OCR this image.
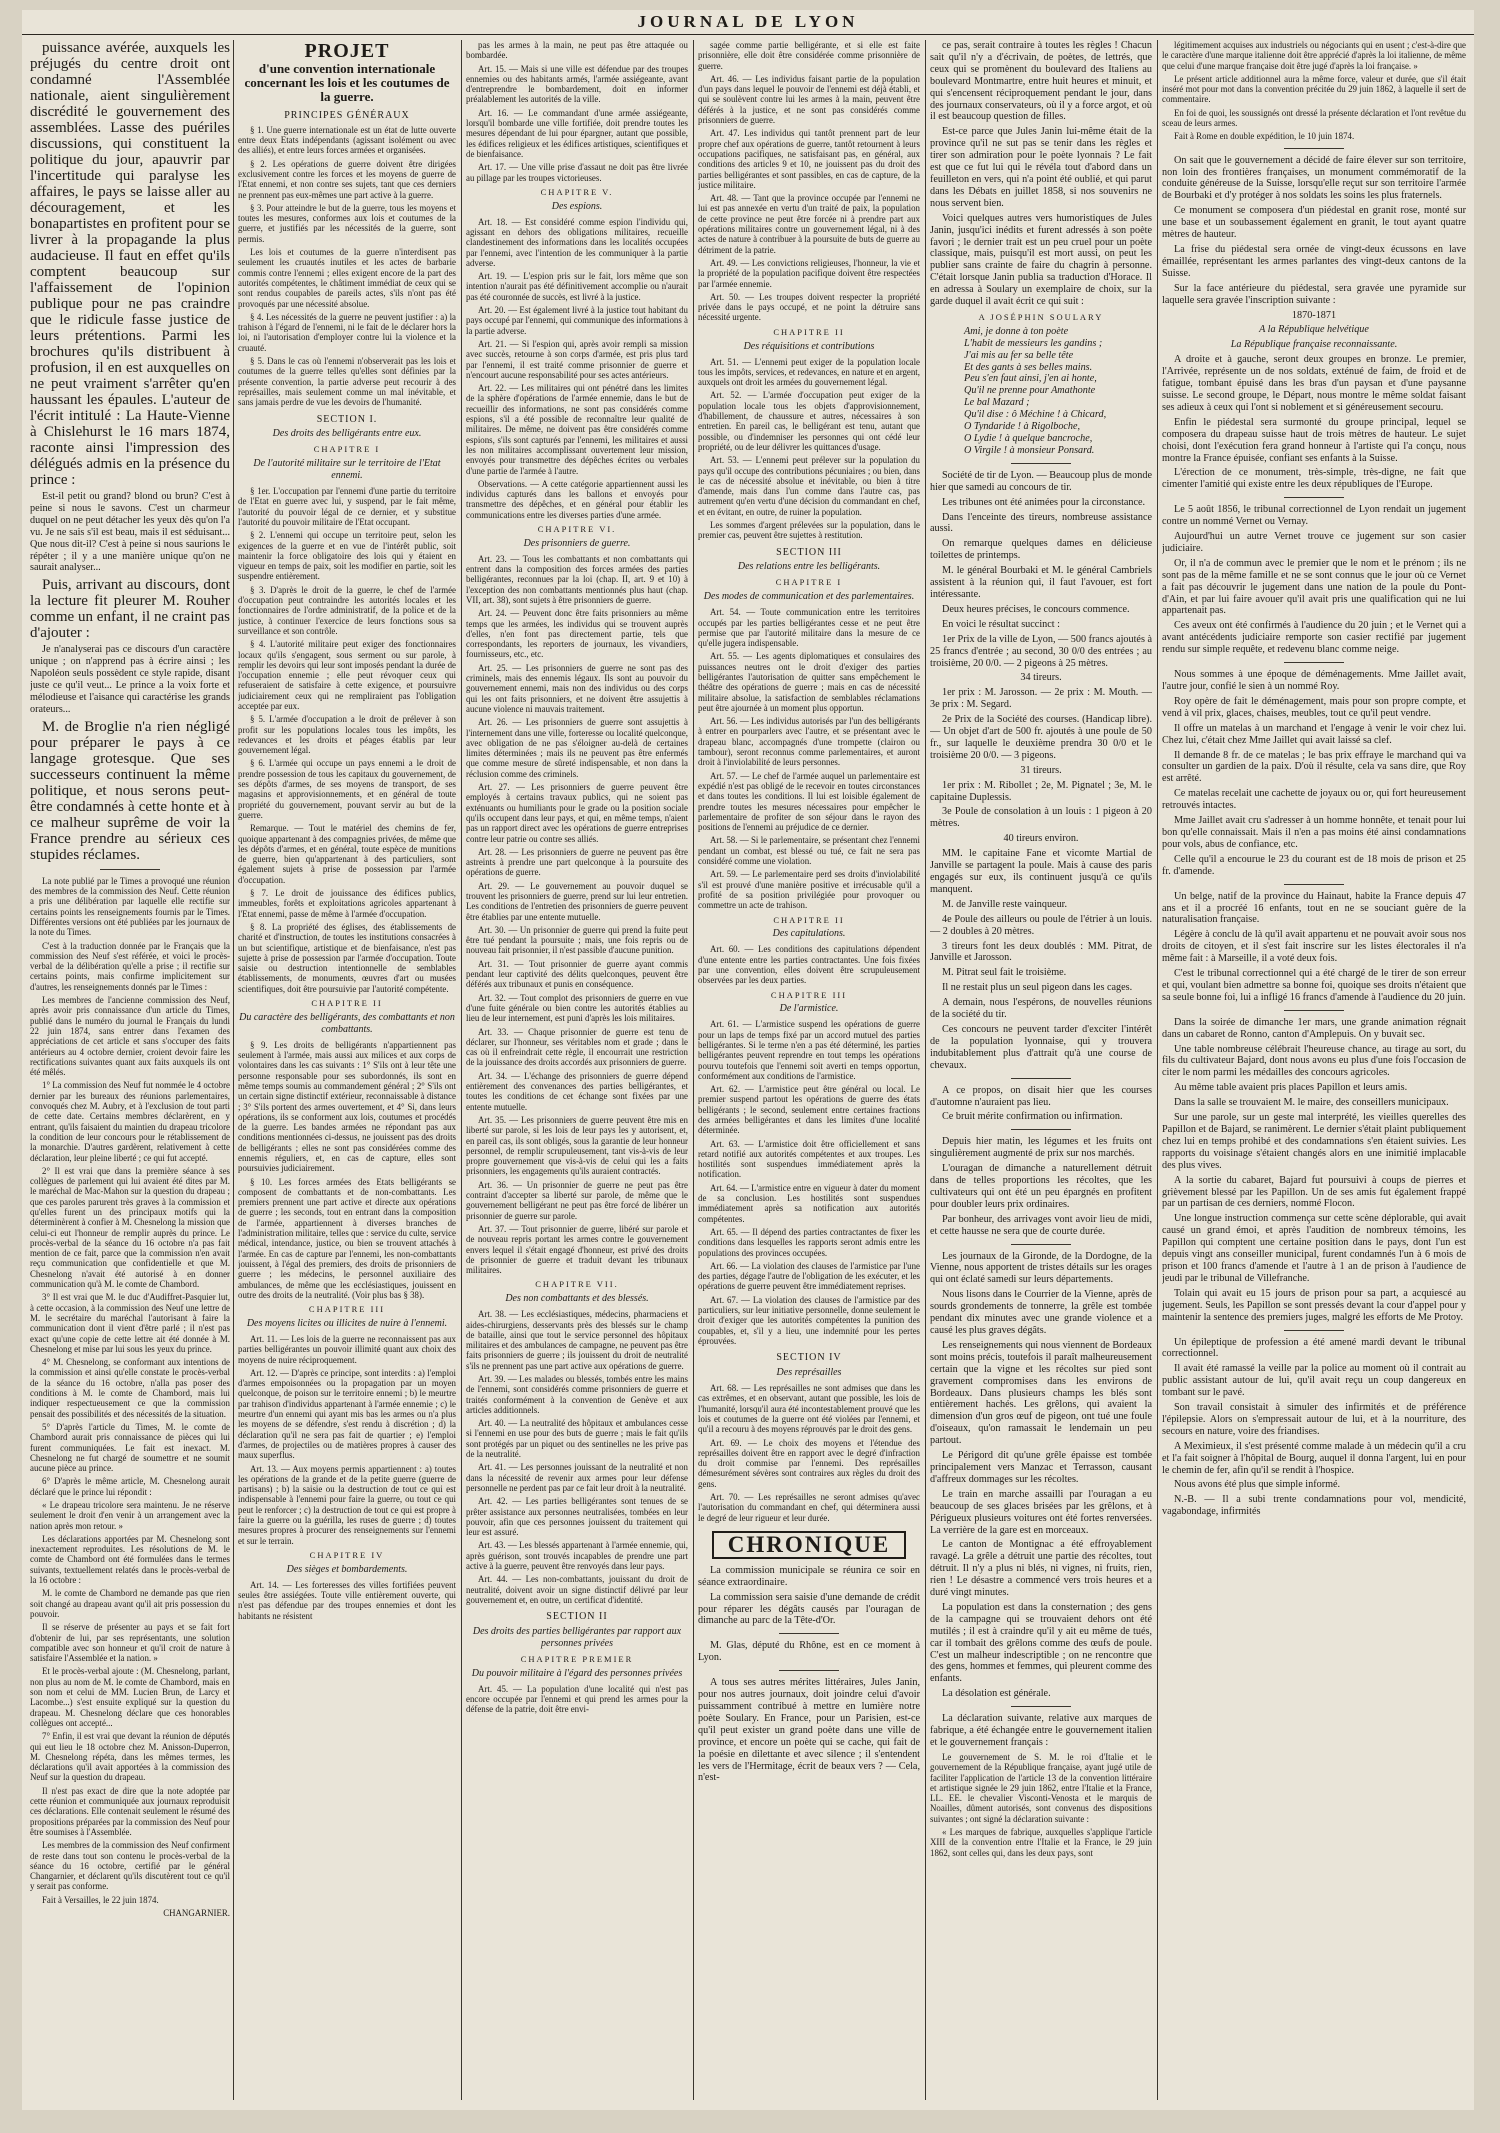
JOURNAL DE LYON

puissance avérée, auxquels les préjugés du centre droit ont condamné l'Assemblée nationale, aient singulièrement discrédité le gouvernement des assemblées. Lasse des puériles discussions, qui constituent la politique du jour, apauvrir par l'incertitude qui paralyse les affaires, le pays se laisse aller au découragement, et les bonapartistes en profitent pour se livrer à la propagande la plus audacieuse. Il faut en effet qu'ils comptent beaucoup sur l'affaissement de l'opinion publique pour ne pas craindre que le ridicule fasse justice de leurs prétentions. Parmi les brochures qu'ils distribuent à profusion, il en est auxquelles on ne peut vraiment s'arrêter qu'en haussant les épaules. L'auteur de l'écrit intitulé : La Haute-Vienne à Chislehurst le 16 mars 1874, raconte ainsi l'impression des délégués admis en la présence du prince :

Est-il petit ou grand? blond ou brun? C'est à peine si nous le savons. C'est un charmeur duquel on ne peut détacher les yeux dès qu'on l'a vu. Je ne sais s'il est beau, mais il est séduisant... Que nous dit-il? C'est à peine si nous saurions le répéter ; il y a une manière unique qu'on ne saurait analyser...

Puis, arrivant au discours, dont la lecture fit pleurer M. Rouher comme un enfant, il ne craint pas d'ajouter :

Je n'analyserai pas ce discours d'un caractère unique ; on n'apprend pas à écrire ainsi ; les Napoléon seuls possèdent ce style rapide, disant juste ce qu'il veut... Le prince a la voix forte et mélodieuse et l'aisance qui caractérise les grands orateurs...

M. de Broglie n'a rien négligé pour préparer le pays à ce langage grotesque. Que ses successeurs continuent la même politique, et nous serons peut-être condamnés à cette honte et à ce malheur suprême de voir la France prendre au sérieux ces stupides réclames.

La note publié par le Times a provoqué une réunion des membres de la commission des Neuf. Cette réunion a pris une délibération par laquelle elle rectifie sur certains points les renseignements fournis par le Times. Différentes versions ont été publiées par les journaux de la note du Times.

C'est à la traduction donnée par le Français que la commission des Neuf s'est référée, et voici le procès-verbal de la délibération qu'elle a prise ; il rectifie sur certains points, mais confirme implicitement sur d'autres, les renseignements donnés par le Times :

Les membres de l'ancienne commission des Neuf, après avoir pris connaissance d'un article du Times, publié dans le numéro du journal le Français du lundi 22 juin 1874, sans entrer dans l'examen des appréciations de cet article et sans s'occuper des faits antérieurs au 4 octobre dernier, croient devoir faire les rectifications suivantes quant aux faits auxquels ils ont été mêlés.

1° La commission des Neuf fut nommée le 4 octobre dernier par les bureaux des réunions parlementaires, convoqués chez M. Aubry, et à l'exclusion de tout parti de cette date. Certains membres déclarèrent, en y entrant, qu'ils faisaient du maintien du drapeau tricolore la condition de leur concours pour le rétablissement de la monarchie. D'autres gardèrent, relativement à cette déclaration, leur pleine liberté ; ce qui fut accepté.

2° Il est vrai que dans la première séance à ses collègues de parlement qui lui avaient été dites par M. le maréchal de Mac-Mahon sur la question du drapeau ; que ces paroles parurent très graves à la commission et qu'elles furent un des principaux motifs qui la déterminèrent à confier à M. Chesnelong la mission que celui-ci eut l'honneur de remplir auprès du prince. Le procès-verbal de la séance du 16 octobre n'a pas fait mention de ce fait, parce que la commission n'en avait reçu communication que confidentielle et que M. Chesnelong n'avait été autorisé à en donner communication qu'à M. le comte de Chambord.

3° Il est vrai que M. le duc d'Audiffret-Pasquier lut, à cette occasion, à la commission des Neuf une lettre de M. le secrétaire du maréchal l'autorisant à faire la communication dont il vient d'être parlé ; il n'est pas exact qu'une copie de cette lettre ait été donnée à M. Chesnelong et mise par lui sous les yeux du prince.

4° M. Chesnelong, se conformant aux intentions de la commission et ainsi qu'elle constate le procès-verbal de la séance du 16 octobre, n'alla pas poser des conditions à M. le comte de Chambord, mais lui indiquer respectueusement ce que la commission pensait des possibilités et des nécessités de la situation.

5° D'après l'article du Times, M. le comte de Chambord aurait pris connaissance de pièces qui lui furent communiquées. Le fait est inexact. M. Chesnelong ne fut chargé de soumettre et ne soumit aucune pièce au prince.

6° D'après le même article, M. Chesnelong aurait déclaré que le prince lui répondit :

« Le drapeau tricolore sera maintenu. Je ne réserve seulement le droit d'en venir à un arrangement avec la nation après mon retour. »

Les déclarations apportées par M. Chesnelong sont inexactement reproduites. Les résolutions de M. le comte de Chambord ont été formulées dans le termes suivants, textuellement relatés dans le procès-verbal de la 16 octobre :

M. le comte de Chambord ne demande pas que rien soit changé au drapeau avant qu'il ait pris possession du pouvoir.

Il se réserve de présenter au pays et se fait fort d'obtenir de lui, par ses représentants, une solution compatible avec son honneur et qu'il croit de nature à satisfaire l'Assemblée et la nation. »

Et le procès-verbal ajoute : (M. Chesnelong, parlant, non plus au nom de M. le comte de Chambord, mais en son nom et celui de MM. Lucien Brun, de Larcy et Lacombe...) s'est ensuite expliqué sur la question du drapeau. M. Chesnelong déclare que ces honorables collègues ont accepté...

7° Enfin, il est vrai que devant la réunion de députés qui eut lieu le 18 octobre chez M. Anisson-Duperron, M. Chesnelong répéta, dans les mêmes termes, les déclarations qu'il avait apportées à la commission des Neuf sur la question du drapeau.

Il n'est pas exact de dire que la note adoptée par cette réunion et communiquée aux journaux reproduisit ces déclarations. Elle contenait seulement le résumé des propositions préparées par la commission des Neuf pour être soumises à l'Assemblée.

Les membres de la commission des Neuf confirment de reste dans tout son contenu le procès-verbal de la séance du 16 octobre, certifié par le général Changarnier, et déclarent qu'ils discutèrent tout ce qu'il y serait pas conforme.

Fait à Versailles, le 22 juin 1874.

CHANGARNIER.

PROJET

d'une convention internationale concernant les lois et les coutumes de la guerre.

PRINCIPES GÉNÉRAUX

§ 1. Une guerre internationale est un état de lutte ouverte entre deux Etats indépendants (agissant isolément ou avec des alliés), et entre leurs forces armées et organisées.

§ 2. Les opérations de guerre doivent être dirigées exclusivement contre les forces et les moyens de guerre de l'Etat ennemi, et non contre ses sujets, tant que ces derniers ne prennent pas eux-mêmes une part active à la guerre.

§ 3. Pour atteindre le but de la guerre, tous les moyens et toutes les mesures, conformes aux lois et coutumes de la guerre, et justifiés par les nécessités de la guerre, sont permis.

Les lois et coutumes de la guerre n'interdisent pas seulement les cruautés inutiles et les actes de barbarie commis contre l'ennemi ; elles exigent encore de la part des autorités compétentes, le châtiment immédiat de ceux qui se sont rendus coupables de pareils actes, s'ils n'ont pas été provoqués par une nécessité absolue.

§ 4. Les nécessités de la guerre ne peuvent justifier : a) la trahison à l'égard de l'ennemi, ni le fait de le déclarer hors la loi, ni l'autorisation d'employer contre lui la violence et la cruauté.

§ 5. Dans le cas où l'ennemi n'observerait pas les lois et coutumes de la guerre telles qu'elles sont définies par la présente convention, la partie adverse peut recourir à des représailles, mais seulement comme un mal inévitable, et sans jamais perdre de vue les devoirs de l'humanité.

SECTION I.

Des droits des belligérants entre eux.

CHAPITRE I

De l'autorité militaire sur le territoire de l'Etat ennemi.

§ 1er. L'occupation par l'ennemi d'une partie du territoire de l'Etat en guerre avec lui, y suspend, par le fait même, l'autorité du pouvoir légal de ce dernier, et y substitue l'autorité du pouvoir militaire de l'Etat occupant.

§ 2. L'ennemi qui occupe un territoire peut, selon les exigences de la guerre et en vue de l'intérêt public, soit maintenir la force obligatoire des lois qui y étaient en vigueur en temps de paix, soit les modifier en partie, soit les suspendre entièrement.

§ 3. D'après le droit de la guerre, le chef de l'armée d'occupation peut contraindre les autorités locales et les fonctionnaires de l'ordre administratif, de la police et de la justice, à continuer l'exercice de leurs fonctions sous sa surveillance et son contrôle.

§ 4. L'autorité militaire peut exiger des fonctionnaires locaux qu'ils s'engagent, sous serment ou sur parole, à remplir les devoirs qui leur sont imposés pendant la durée de l'occupation ennemie ; elle peut révoquer ceux qui refuseraient de satisfaire à cette exigence, et poursuivre judiciairement ceux qui ne rempliraient pas l'obligation acceptée par eux.

§ 5. L'armée d'occupation a le droit de prélever à son profit sur les populations locales tous les impôts, les redevances et les droits et péages établis par leur gouvernement légal.

§ 6. L'armée qui occupe un pays ennemi a le droit de prendre possession de tous les capitaux du gouvernement, de ses dépôts d'armes, de ses moyens de transport, de ses magasins et approvisionnements, et en général de toute propriété du gouvernement, pouvant servir au but de la guerre.

Remarque. — Tout le matériel des chemins de fer, quoique appartenant à des compagnies privées, de même que les dépôts d'armes, et en général, toute espèce de munitions de guerre, bien qu'appartenant à des particuliers, sont également sujets à prise de possession par l'armée d'occupation.

§ 7. Le droit de jouissance des édifices publics, immeubles, forêts et exploitations agricoles appartenant à l'Etat ennemi, passe de même à l'armée d'occupation.

§ 8. La propriété des églises, des établissements de charité et d'instruction, de toutes les institutions consacrées à un but scientifique, artistique et de bienfaisance, n'est pas sujette à prise de possession par l'armée d'occupation. Toute saisie ou destruction intentionnelle de semblables établissements, de monuments, œuvres d'art ou musées scientifiques, doit être poursuivie par l'autorité compétente.

CHAPITRE II

Du caractère des belligérants, des combattants et non combattants.

§ 9. Les droits de belligérants n'appartiennent pas seulement à l'armée, mais aussi aux milices et aux corps de volontaires dans les cas suivants : 1° S'ils ont à leur tête une personne responsable pour ses subordonnés, ils sont en même temps soumis au commandement général ; 2° S'ils ont un certain signe distinctif extérieur, reconnaissable à distance ; 3° S'ils portent des armes ouvertement, et 4° Si, dans leurs opérations, ils se conforment aux lois, coutumes et procédés de la guerre. Les bandes armées ne répondant pas aux conditions mentionnées ci-dessus, ne jouissent pas des droits de belligérants ; elles ne sont pas considérées comme des ennemis réguliers, et, en cas de capture, elles sont poursuivies judiciairement.

§ 10. Les forces armées des Etats belligérants se composent de combattants et de non-combattants. Les premiers prennent une part active et directe aux opérations de guerre ; les seconds, tout en entrant dans la composition de l'armée, appartiennent à diverses branches de l'administration militaire, telles que : service du culte, service médical, intendance, justice, ou bien se trouvent attachés à l'armée. En cas de capture par l'ennemi, les non-combattants jouissent, à l'égal des premiers, des droits de prisonniers de guerre ; les médecins, le personnel auxiliaire des ambulances, de même que les ecclésiastiques, jouissent en outre des droits de la neutralité. (Voir plus bas § 38).

CHAPITRE III

Des moyens licites ou illicites de nuire à l'ennemi.

Art. 11. — Les lois de la guerre ne reconnaissent pas aux parties belligérantes un pouvoir illimité quant aux choix des moyens de nuire réciproquement.

Art. 12. — D'après ce principe, sont interdits : a) l'emploi d'armes empoisonnées ou la propagation par un moyen quelconque, de poison sur le territoire ennemi ; b) le meurtre par trahison d'individus appartenant à l'armée ennemie ; c) le meurtre d'un ennemi qui ayant mis bas les armes ou n'a plus les moyens de se défendre, s'est rendu à discrétion ; d) la déclaration qu'il ne sera pas fait de quartier ; e) l'emploi d'armes, de projectiles ou de matières propres à causer des maux superflus.

Art. 13. — Aux moyens permis appartiennent : a) toutes les opérations de la grande et de la petite guerre (guerre de partisans) ; b) la saisie ou la destruction de tout ce qui est indispensable à l'ennemi pour faire la guerre, ou tout ce qui peut le renforcer ; c) la destruction de tout ce qui est propre à faire la guerre ou la guérilla, les ruses de guerre ; d) toutes mesures propres à procurer des renseignements sur l'ennemi et sur le terrain.

CHAPITRE IV

Des sièges et bombardements.

Art. 14. — Les forteresses des villes fortifiées peuvent seules être assiégées. Toute ville entièrement ouverte, qui n'est pas défendue par des troupes ennemies et dont les habitants ne résistent

pas les armes à la main, ne peut pas être attaquée ou bombardée.

Art. 15. — Mais si une ville est défendue par des troupes ennemies ou des habitants armés, l'armée assiégeante, avant d'entreprendre le bombardement, doit en informer préalablement les autorités de la ville.

Art. 16. — Le commandant d'une armée assiégeante, lorsqu'il bombarde une ville fortifiée, doit prendre toutes les mesures dépendant de lui pour épargner, autant que possible, les édifices religieux et les édifices artistiques, scientifiques et de bienfaisance.

Art. 17. — Une ville prise d'assaut ne doit pas être livrée au pillage par les troupes victorieuses.

CHAPITRE V.

Des espions.

Art. 18. — Est considéré comme espion l'individu qui, agissant en dehors des obligations militaires, recueille clandestinement des informations dans les localités occupées par l'ennemi, avec l'intention de les communiquer à la partie adverse.

Art. 19. — L'espion pris sur le fait, lors même que son intention n'aurait pas été définitivement accomplie ou n'aurait pas été couronnée de succès, est livré à la justice.

Art. 20. — Est également livré à la justice tout habitant du pays occupé par l'ennemi, qui communique des informations à la partie adverse.

Art. 21. — Si l'espion qui, après avoir rempli sa mission avec succès, retourne à son corps d'armée, est pris plus tard par l'ennemi, il est traité comme prisonnier de guerre et n'encourt aucune responsabilité pour ses actes antérieurs.

Art. 22. — Les militaires qui ont pénétré dans les limites de la sphère d'opérations de l'armée ennemie, dans le but de recueillir des informations, ne sont pas considérés comme espions, s'il a été possible de reconnaître leur qualité de militaires. De même, ne doivent pas être considérés comme espions, s'ils sont capturés par l'ennemi, les militaires et aussi les non militaires accomplissant ouvertement leur mission, envoyés pour transmettre des dépêches écrites ou verbales d'une partie de l'armée à l'autre.

Observations. — A cette catégorie appartiennent aussi les individus capturés dans les ballons et envoyés pour transmettre des dépêches, et en général pour établir les communications entre les diverses parties d'une armée.

CHAPITRE VI.

Des prisonniers de guerre.

Art. 23. — Tous les combattants et non combattants qui entrent dans la composition des forces armées des parties belligérantes, reconnues par la loi (chap. II, art. 9 et 10) à l'exception des non combattants mentionnés plus haut (chap. VII, art. 38), sont sujets à être prisonniers de guerre.

Art. 24. — Peuvent donc être faits prisonniers au même temps que les armées, les individus qui se trouvent auprès d'elles, n'en font pas directement partie, tels que correspondants, les reporters de journaux, les vivandiers, fournisseurs, etc., etc.

Art. 25. — Les prisonniers de guerre ne sont pas des criminels, mais des ennemis légaux. Ils sont au pouvoir du gouvernement ennemi, mais non des individus ou des corps qui les ont faits prisonniers, et ne doivent être assujettis à aucune violence ni mauvais traitement.

Art. 26. — Les prisonniers de guerre sont assujettis à l'internement dans une ville, forteresse ou localité quelconque, avec obligation de ne pas s'éloigner au-delà de certaines limites déterminées ; mais ils ne peuvent pas être enfermés que comme mesure de sûreté indispensable, et non dans la réclusion comme des criminels.

Art. 27. — Les prisonniers de guerre peuvent être employés à certains travaux publics, qui ne soient pas exténuants ou humiliants pour le grade ou la position sociale qu'ils occupent dans leur pays, et qui, en même temps, n'aient pas un rapport direct avec les opérations de guerre entreprises contre leur patrie ou contre ses alliés.

Art. 28. — Les prisonniers de guerre ne peuvent pas être astreints à prendre une part quelconque à la poursuite des opérations de guerre.

Art. 29. — Le gouvernement au pouvoir duquel se trouvent les prisonniers de guerre, prend sur lui leur entretien. Les conditions de l'entretien des prisonniers de guerre peuvent être établies par une entente mutuelle.

Art. 30. — Un prisonnier de guerre qui prend la fuite peut être tué pendant la poursuite ; mais, une fois repris ou de nouveau fait prisonnier, il n'est passible d'aucune punition.

Art. 31. — Tout prisonnier de guerre ayant commis pendant leur captivité des délits quelconques, peuvent être déférés aux tribunaux et punis en conséquence.

Art. 32. — Tout complot des prisonniers de guerre en vue d'une fuite générale ou bien contre les autorités établies au lieu de leur internement, est puni d'après les lois militaires.

Art. 33. — Chaque prisonnier de guerre est tenu de déclarer, sur l'honneur, ses véritables nom et grade ; dans le cas où il enfreindrait cette règle, il encourrait une restriction de la jouissance des droits accordés aux prisonniers de guerre.

Art. 34. — L'échange des prisonniers de guerre dépend entièrement des convenances des parties belligérantes, et toutes les conditions de cet échange sont fixées par une entente mutuelle.

Art. 35. — Les prisonniers de guerre peuvent être mis en liberté sur parole, si les lois de leur pays les y autorisent, et, en pareil cas, ils sont obligés, sous la garantie de leur honneur personnel, de remplir scrupuleusement, tant vis-à-vis de leur propre gouvernement que vis-à-vis de celui qui les a faits prisonniers, les engagements qu'ils auraient contractés.

Art. 36. — Un prisonnier de guerre ne peut pas être contraint d'accepter sa liberté sur parole, de même que le gouvernement belligérant ne peut pas être forcé de libérer un prisonnier de guerre sur parole.

Art. 37. — Tout prisonnier de guerre, libéré sur parole et de nouveau repris portant les armes contre le gouvernement envers lequel il s'était engagé d'honneur, est privé des droits de prisonnier de guerre et traduit devant les tribunaux militaires.

CHAPITRE VII.

Des non combattants et des blessés.

Art. 38. — Les ecclésiastiques, médecins, pharmaciens et aides-chirurgiens, desservants près des blessés sur le champ de bataille, ainsi que tout le service personnel des hôpitaux militaires et des ambulances de campagne, ne peuvent pas être faits prisonniers de guerre ; ils jouissent du droit de neutralité s'ils ne prennent pas une part active aux opérations de guerre.

Art. 39. — Les malades ou blessés, tombés entre les mains de l'ennemi, sont considérés comme prisonniers de guerre et traités conformément à la convention de Genève et aux articles additionnels.

Art. 40. — La neutralité des hôpitaux et ambulances cesse si l'ennemi en use pour des buts de guerre ; mais le fait qu'ils sont protégés par un piquet ou des sentinelles ne les prive pas de la neutralité.

Art. 41. — Les personnes jouissant de la neutralité et non dans la nécessité de revenir aux armes pour leur défense personnelle ne perdent pas par ce fait leur droit à la neutralité.

Art. 42. — Les parties belligérantes sont tenues de se prêter assistance aux personnes neutralisées, tombées en leur pouvoir, afin que ces personnes jouissent du traitement qui leur est assuré.

Art. 43. — Les blessés appartenant à l'armée ennemie, qui, après guérison, sont trouvés incapables de prendre une part active à la guerre, peuvent être renvoyés dans leur pays.

Art. 44. — Les non-combattants, jouissant du droit de neutralité, doivent avoir un signe distinctif délivré par leur gouvernement et, en outre, un certificat d'identité.

SECTION II

Des droits des parties belligérantes par rapport aux personnes privées

CHAPITRE PREMIER

Du pouvoir militaire à l'égard des personnes privées

Art. 45. — La population d'une localité qui n'est pas encore occupée par l'ennemi et qui prend les armes pour la défense de la patrie, doit être envi-

sagée comme partie belligérante, et si elle est faite prisonnière, elle doit être considérée comme prisonnière de guerre.

Art. 46. — Les individus faisant partie de la population d'un pays dans lequel le pouvoir de l'ennemi est déjà établi, et qui se soulèvent contre lui les armes à la main, peuvent être déférés à la justice, et ne sont pas considérés comme prisonniers de guerre.

Art. 47. Les individus qui tantôt prennent part de leur propre chef aux opérations de guerre, tantôt retournent à leurs occupations pacifiques, ne satisfaisant pas, en général, aux conditions des articles 9 et 10, ne jouissent pas du droit des parties belligérantes et sont passibles, en cas de capture, de la justice militaire.

Art. 48. — Tant que la province occupée par l'ennemi ne lui est pas annexée en vertu d'un traité de paix, la population de cette province ne peut être forcée ni à prendre part aux opérations militaires contre un gouvernement légal, ni à des actes de nature à contribuer à la poursuite de buts de guerre au détriment de la patrie.

Art. 49. — Les convictions religieuses, l'honneur, la vie et la propriété de la population pacifique doivent être respectées par l'armée ennemie.

Art. 50. — Les troupes doivent respecter la propriété privée dans le pays occupé, et ne point la détruire sans nécessité urgente.

CHAPITRE II

Des réquisitions et contributions

Art. 51. — L'ennemi peut exiger de la population locale tous les impôts, services, et redevances, en nature et en argent, auxquels ont droit les armées du gouvernement légal.

Art. 52. — L'armée d'occupation peut exiger de la population locale tous les objets d'approvisionnement, d'habillement, de chaussure et autres, nécessaires à son entretien. En pareil cas, le belligérant est tenu, autant que possible, ou d'indemniser les personnes qui ont cédé leur propriété, ou de leur délivrer les quittances d'usage.

Art. 53. — L'ennemi peut prélever sur la population du pays qu'il occupe des contributions pécuniaires ; ou bien, dans le cas de nécessité absolue et inévitable, ou bien à titre d'amende, mais dans l'un comme dans l'autre cas, pas autrement qu'en vertu d'une décision du commandant en chef, et en évitant, en outre, de ruiner la population.

Les sommes d'argent prélevées sur la population, dans le premier cas, peuvent être sujettes à restitution.

SECTION III

Des relations entre les belligérants.

CHAPITRE I

Des modes de communication et des parlementaires.

Art. 54. — Toute communication entre les territoires occupés par les parties belligérantes cesse et ne peut être permise que par l'autorité militaire dans la mesure de ce qu'elle jugera indispensable.

Art. 55. — Les agents diplomatiques et consulaires des puissances neutres ont le droit d'exiger des parties belligérantes l'autorisation de quitter sans empêchement le théâtre des opérations de guerre ; mais en cas de nécessité militaire absolue, la satisfaction de semblables réclamations peut être ajournée à un moment plus opportun.

Art. 56. — Les individus autorisés par l'un des belligérants à entrer en pourparlers avec l'autre, et se présentant avec le drapeau blanc, accompagnés d'une trompette (clairon ou tambour), seront reconnus comme parlementaires, et auront droit à l'inviolabilité de leurs personnes.

Art. 57. — Le chef de l'armée auquel un parlementaire est expédié n'est pas obligé de le recevoir en toutes circonstances et dans toutes les conditions. Il lui est loisible également de prendre toutes les mesures nécessaires pour empêcher le parlementaire de profiter de son séjour dans le rayon des positions de l'ennemi au préjudice de ce dernier.

Art. 58. — Si le parlementaire, se présentant chez l'ennemi pendant un combat, est blessé ou tué, ce fait ne sera pas considéré comme une violation.

Art. 59. — Le parlementaire perd ses droits d'inviolabilité s'il est prouvé d'une manière positive et irrécusable qu'il a profité de sa position privilégiée pour provoquer ou commettre un acte de trahison.

CHAPITRE II

Des capitulations.

Art. 60. — Les conditions des capitulations dépendent d'une entente entre les parties contractantes. Une fois fixées par une convention, elles doivent être scrupuleusement observées par les deux parties.

CHAPITRE III

De l'armistice.

Art. 61. — L'armistice suspend les opérations de guerre pour un laps de temps fixé par un accord mutuel des parties belligérantes. Si le terme n'en a pas été déterminé, les parties belligérantes peuvent reprendre en tout temps les opérations pourvu toutefois que l'ennemi soit averti en temps opportun, conformément aux conditions de l'armistice.

Art. 62. — L'armistice peut être général ou local. Le premier suspend partout les opérations de guerre des états belligérants ; le second, seulement entre certaines fractions des armées belligérantes et dans les limites d'une localité déterminée.

Art. 63. — L'armistice doit être officiellement et sans retard notifié aux autorités compétentes et aux troupes. Les hostilités sont suspendues immédiatement après la notification.

Art. 64. — L'armistice entre en vigueur à dater du moment de sa conclusion. Les hostilités sont suspendues immédiatement après sa notification aux autorités compétentes.

Art. 65. — Il dépend des parties contractantes de fixer les conditions dans lesquelles les rapports seront admis entre les populations des provinces occupées.

Art. 66. — La violation des clauses de l'armistice par l'une des parties, dégage l'autre de l'obligation de les exécuter, et les opérations de guerre peuvent être immédiatement reprises.

Art. 67. — La violation des clauses de l'armistice par des particuliers, sur leur initiative personnelle, donne seulement le droit d'exiger que les autorités compétentes la punition des coupables, et, s'il y a lieu, une indemnité pour les pertes éprouvées.

SECTION IV

Des représailles

Art. 68. — Les représailles ne sont admises que dans les cas extrêmes, et en observant, autant que possible, les lois de l'humanité, lorsqu'il aura été incontestablement prouvé que les lois et coutumes de la guerre ont été violées par l'ennemi, et qu'il a recouru à des moyens réprouvés par le droit des gens.

Art. 69. — Le choix des moyens et l'étendue des représailles doivent être en rapport avec le degré d'infraction du droit commise par l'ennemi. Des représailles démesurément sévères sont contraires aux règles du droit des gens.

Art. 70. — Les représailles ne seront admises qu'avec l'autorisation du commandant en chef, qui déterminera aussi le degré de leur rigueur et leur durée.

CHRONIQUE

La commission municipale se réunira ce soir en séance extraordinaire.

La commission sera saisie d'une demande de crédit pour réparer les dégâts causés par l'ouragan de dimanche au parc de la Tête-d'Or.

M. Glas, député du Rhône, est en ce moment à Lyon.

A tous ses autres mérites littéraires, Jules Janin, pour nos autres journaux, doit joindre celui d'avoir puissamment contribué à mettre en lumière notre poète Soulary. En France, pour un Parisien, est-ce qu'il peut exister un grand poète dans une ville de province, et encore un poète qui se cache, qui fait de la poésie en dilettante et avec silence ; il s'entendent les vers de l'Hermitage, écrit de beaux vers ? — Cela, n'est-

ce pas, serait contraire à toutes les règles ! Chacun sait qu'il n'y a d'écrivain, de poètes, de lettrés, que ceux qui se promènent du boulevard des Italiens au boulevard Montmartre, entre huit heures et minuit, et qui s'encensent réciproquement pendant le jour, dans des journaux conservateurs, où il y a force argot, et où il est beaucoup question de filles.

Est-ce parce que Jules Janin lui-même était de la province qu'il ne sut pas se tenir dans les règles et tirer son admiration pour le poète lyonnais ? Le fait est que ce fut lui qui le révéla tout d'abord dans un feuilleton en vers, qui n'a point été oublié, et qui parut dans les Débats en juillet 1858, si nos souvenirs ne nous servent bien.

Voici quelques autres vers humoristiques de Jules Janin, jusqu'ici inédits et furent adressés à son poète favori ; le dernier trait est un peu cruel pour un poète classique, mais, puisqu'il est mort aussi, on peut les publier sans crainte de faire du chagrin à personne. C'était lorsque Janin publia sa traduction d'Horace. Il en adressa à Soulary un exemplaire de choix, sur la garde duquel il avait écrit ce qui suit :

A JOSÉPHIN SOULARY

Ami, je donne à ton poète

L'habit de messieurs les gandins ;

J'ai mis au fer sa belle tête

Et des gants à ses belles mains.

Peu s'en faut ainsi, j'en ai honte,

Qu'il ne prenne pour Amathonte

Le bal Mazard ;

Qu'il dise : ô Méchine ! à Chicard,

O Tyndaride ! à Rigolboche,

O Lydie ! à quelque bancroche,

O Virgile ! à monsieur Ponsard.

Société de tir de Lyon. — Beaucoup plus de monde hier que samedi au concours de tir.

Les tribunes ont été animées pour la circonstance.

Dans l'enceinte des tireurs, nombreuse assistance aussi.

On remarque quelques dames en délicieuse toilettes de printemps.

M. le général Bourbaki et M. le général Cambriels assistent à la réunion qui, il faut l'avouer, est fort intéressante.

Deux heures précises, le concours commence.

En voici le résultat succinct :

1er Prix de la ville de Lyon, — 500 francs ajoutés à 25 francs d'entrée ; au second, 30 0/0 des entrées ; au troisième, 20 0/0. — 2 pigeons à 25 mètres.

34 tireurs.

1er prix : M. Jarosson. — 2e prix : M. Mouth. — 3e prix : M. Segard.

2e Prix de la Société des courses. (Handicap libre). — Un objet d'art de 500 fr. ajoutés à une poule de 50 fr., sur laquelle le deuxième prendra 30 0/0 et le troisième 20 0/0. — 3 pigeons.

31 tireurs.

1er prix : M. Ribollet ; 2e, M. Pignatel ; 3e, M. le capitaine Duplessis.

3e Poule de consolation à un louis : 1 pigeon à 20 mètres.

40 tireurs environ.

MM. le capitaine Fane et vicomte Martial de Janville se partagent la poule. Mais à cause des paris engagés sur eux, ils continuent jusqu'à ce qu'ils manquent.

M. de Janville reste vainqueur.

4e Poule des ailleurs ou poule de l'étrier à un louis. — 2 doubles à 20 mètres.

3 tireurs font les deux doublés : MM. Pitrat, de Janville et Jarosson.

M. Pitrat seul fait le troisième.

Il ne restait plus un seul pigeon dans les cages.

A demain, nous l'espérons, de nouvelles réunions de la société du tir.

Ces concours ne peuvent tarder d'exciter l'intérêt de la population lyonnaise, qui y trouvera indubitablement plus d'attrait qu'à une course de chevaux.

A ce propos, on disait hier que les courses d'automne n'auraient pas lieu.

Ce bruit mérite confirmation ou infirmation.

Depuis hier matin, les légumes et les fruits ont singulièrement augmenté de prix sur nos marchés.

L'ouragan de dimanche a naturellement détruit dans de telles proportions les récoltes, que les cultivateurs qui ont été un peu épargnés en profitent pour doubler leurs prix ordinaires.

Par bonheur, des arrivages vont avoir lieu de midi, et cette hausse ne sera que de courte durée.

Les journaux de la Gironde, de la Dordogne, de la Vienne, nous apportent de tristes détails sur les orages qui ont éclaté samedi sur leurs départements.

Nous lisons dans le Courrier de la Vienne, après de sourds grondements de tonnerre, la grêle est tombée pendant dix minutes avec une grande violence et a causé les plus graves dégâts.

Les renseignements qui nous viennent de Bordeaux sont moins précis, toutefois il paraît malheureusement certain que la vigne et les récoltes sur pied sont gravement compromises dans les environs de Bordeaux. Dans plusieurs champs les blés sont entièrement hachés. Les grêlons, qui avaient la dimension d'un gros œuf de pigeon, ont tué une foule d'oiseaux, qu'on ramassait le lendemain un peu partout.

Le Périgord dit qu'une grêle épaisse est tombée principalement vers Manzac et Terrasson, causant d'affreux dommages sur les récoltes.

Le train en marche assailli par l'ouragan a eu beaucoup de ses glaces brisées par les grêlons, et à Périgueux plusieurs voitures ont été fortes renversées. La verrière de la gare est en morceaux.

Le canton de Montignac a été effroyablement ravagé. La grêle a détruit une partie des récoltes, tout détruit. Il n'y a plus ni blés, ni vignes, ni fruits, rien, rien ! Le désastre a commencé vers trois heures et a duré vingt minutes.

La population est dans la consternation ; des gens de la campagne qui se trouvaient dehors ont été mutilés ; il est à craindre qu'il y ait eu même de tués, car il tombait des grêlons comme des œufs de poule. C'est un malheur indescriptible ; on ne rencontre que des gens, hommes et femmes, qui pleurent comme des enfants.

La désolation est générale.

La déclaration suivante, relative aux marques de fabrique, a été échangée entre le gouvernement italien et le gouvernement français :

Le gouvernement de S. M. le roi d'Italie et le gouvernement de la République française, ayant jugé utile de faciliter l'application de l'article 13 de la convention littéraire et artistique signée le 29 juin 1862, entre l'Italie et la France, LL. EE. le chevalier Visconti-Venosta et le marquis de Noailles, dûment autorisés, sont convenus des dispositions suivantes ; ont signé la déclaration suivante :

« Les marques de fabrique, auxquelles s'applique l'article XIII de la convention entre l'Italie et la France, le 29 juin 1862, sont celles qui, dans les deux pays, sont

légitimement acquises aux industriels ou négociants qui en usent ; c'est-à-dire que le caractère d'une marque italienne doit être apprécié d'après la loi italienne, de même que celui d'une marque française doit être jugé d'après la loi française. »

Le présent article additionnel aura la même force, valeur et durée, que s'il était inséré mot pour mot dans la convention précitée du 29 juin 1862, à laquelle il sert de commentaire.

En foi de quoi, les soussignés ont dressé la présente déclaration et l'ont revêtue du sceau de leurs armes.

Fait à Rome en double expédition, le 10 juin 1874.

On sait que le gouvernement a décidé de faire élever sur son territoire, non loin des frontières françaises, un monument commémoratif de la conduite généreuse de la Suisse, lorsqu'elle reçut sur son territoire l'armée de Bourbaki et d'y protéger à nos soldats les soins les plus fraternels.

Ce monument se composera d'un piédestal en granit rose, monté sur une base et un soubassement également en granit, le tout ayant quatre mètres de hauteur.

La frise du piédestal sera ornée de vingt-deux écussons en lave émaillée, représentant les armes parlantes des vingt-deux cantons de la Suisse.

Sur la face antérieure du piédestal, sera gravée une pyramide sur laquelle sera gravée l'inscription suivante :

1870-1871

A la République helvétique

La République française reconnaissante.

A droite et à gauche, seront deux groupes en bronze. Le premier, l'Arrivée, représente un de nos soldats, exténué de faim, de froid et de fatigue, tombant épuisé dans les bras d'un paysan et d'une paysanne suisse. Le second groupe, le Départ, nous montre le même soldat faisant ses adieux à ceux qui l'ont si noblement et si généreusement secouru.

Enfin le piédestal sera surmonté du groupe principal, lequel se composera du drapeau suisse haut de trois mètres de hauteur. Le sujet choisi, dont l'exécution fera grand honneur à l'artiste qui l'a conçu, nous montre la France épuisée, confiant ses enfants à la Suisse.

L'érection de ce monument, très-simple, très-digne, ne fait que cimenter l'amitié qui existe entre les deux républiques de l'Europe.

Le 5 août 1856, le tribunal correctionnel de Lyon rendait un jugement contre un nommé Vernet ou Vernay.

Aujourd'hui un autre Vernet trouve ce jugement sur son casier judiciaire.

Or, il n'a de commun avec le premier que le nom et le prénom ; ils ne sont pas de la même famille et ne se sont connus que le jour où ce Vernet a fait pas découvrir le jugement dans une nation de la poule du Pont-d'Ain, et par lui faire avouer qu'il avait pris une qualification qui ne lui appartenait pas.

Ces aveux ont été confirmés à l'audience du 20 juin ; et le Vernet qui a avant antécédents judiciaire remporte son casier rectifié par jugement rendu sur simple requête, et redevenu blanc comme neige.

Nous sommes à une époque de déménagements. Mme Jaillet avait, l'autre jour, confié le sien à un nommé Roy.

Roy opère de fait le déménagement, mais pour son propre compte, et vend à vil prix, glaces, chaises, meubles, tout ce qu'il peut vendre.

Il offre un matelas à un marchand et l'engage à venir le voir chez lui. Chez lui, c'était chez Mme Jaillet qui avait laissé sa clef.

Il demande 8 fr. de ce matelas ; le bas prix effraye le marchand qui va consulter un gardien de la paix. D'où il résulte, cela va sans dire, que Roy est arrêté.

Ce matelas recelait une cachette de joyaux ou or, qui fort heureusement retrouvés intactes.

Mme Jaillet avait cru s'adresser à un homme honnête, et tenait pour lui bon qu'elle connaissait. Mais il n'en a pas moins été ainsi condamnations pour vols, abus de confiance, etc.

Celle qu'il a encourue le 23 du courant est de 18 mois de prison et 25 fr. d'amende.

Un belge, natif de la province du Hainaut, habite la France depuis 47 ans et il a procréé 16 enfants, tout en ne se souciant guère de la naturalisation française.

Légère à conclu de là qu'il avait appartenu et ne pouvait avoir sous nos droits de citoyen, et il s'est fait inscrire sur les listes électorales il n'a même fait : à Marseille, il a voté deux fois.

C'est le tribunal correctionnel qui a été chargé de le tirer de son erreur et qui, voulant bien admettre sa bonne foi, quoique ses droits n'étaient que sa seule bonne foi, lui a infligé 16 francs d'amende à l'audience du 20 juin.

Dans la soirée de dimanche 1er mars, une grande animation régnait dans un cabaret de Ronno, canton d'Amplepuis. On y buvait sec.

Une table nombreuse célébrait l'heureuse chance, au tirage au sort, du fils du cultivateur Bajard, dont nous avons eu plus d'une fois l'occasion de citer le nom parmi les médailles des concours agricoles.

Au même table avaient pris places Papillon et leurs amis.

Dans la salle se trouvaient M. le maire, des conseillers municipaux.

Sur une parole, sur un geste mal interprété, les vieilles querelles des Papillon et de Bajard, se ranimèrent. Le dernier s'était plaint publiquement chez lui en temps prohibé et des condamnations s'en étaient suivies. Les rapports du voisinage s'étaient changés alors en une inimitié implacable des plus vives.

A la sortie du cabaret, Bajard fut poursuivi à coups de pierres et grièvement blessé par les Papillon. Un de ses amis fut également frappé par un partisan de ces derniers, nommé Flocon.

Une longue instruction commença sur cette scène déplorable, qui avait causé un grand émoi, et après l'audition de nombreux témoins, les Papillon qui comptent une certaine position dans le pays, dont l'un est depuis vingt ans conseiller municipal, furent condamnés l'un à 6 mois de prison et 100 francs d'amende et l'autre à 1 an de prison à l'audience de jeudi par le tribunal de Villefranche.

Tolain qui avait eu 15 jours de prison pour sa part, a acquiescé au jugement. Seuls, les Papillon se sont pressés devant la cour d'appel pour y maintenir la sentence des premiers juges, malgré les efforts de Me Protoy.

Un épileptique de profession a été amené mardi devant le tribunal correctionnel.

Il avait été ramassé la veille par la police au moment où il contrait au public assistant autour de lui, qu'il avait reçu un coup dangereux en tombant sur le pavé.

Son travail consistait à simuler des infirmités et de préférence l'épilepsie. Alors on s'empressait autour de lui, et à la nourriture, des secours en nature, voire des friandises.

A Meximieux, il s'est présenté comme malade à un médecin qu'il a cru et l'a fait soigner à l'hôpital de Bourg, auquel il donna l'argent, lui en pour le chemin de fer, afin qu'il se rendit à l'hospice.

Nous avons été plus que simple informé.

N.-B. — Il a subi trente condamnations pour vol, mendicité, vagabondage, infirmités
